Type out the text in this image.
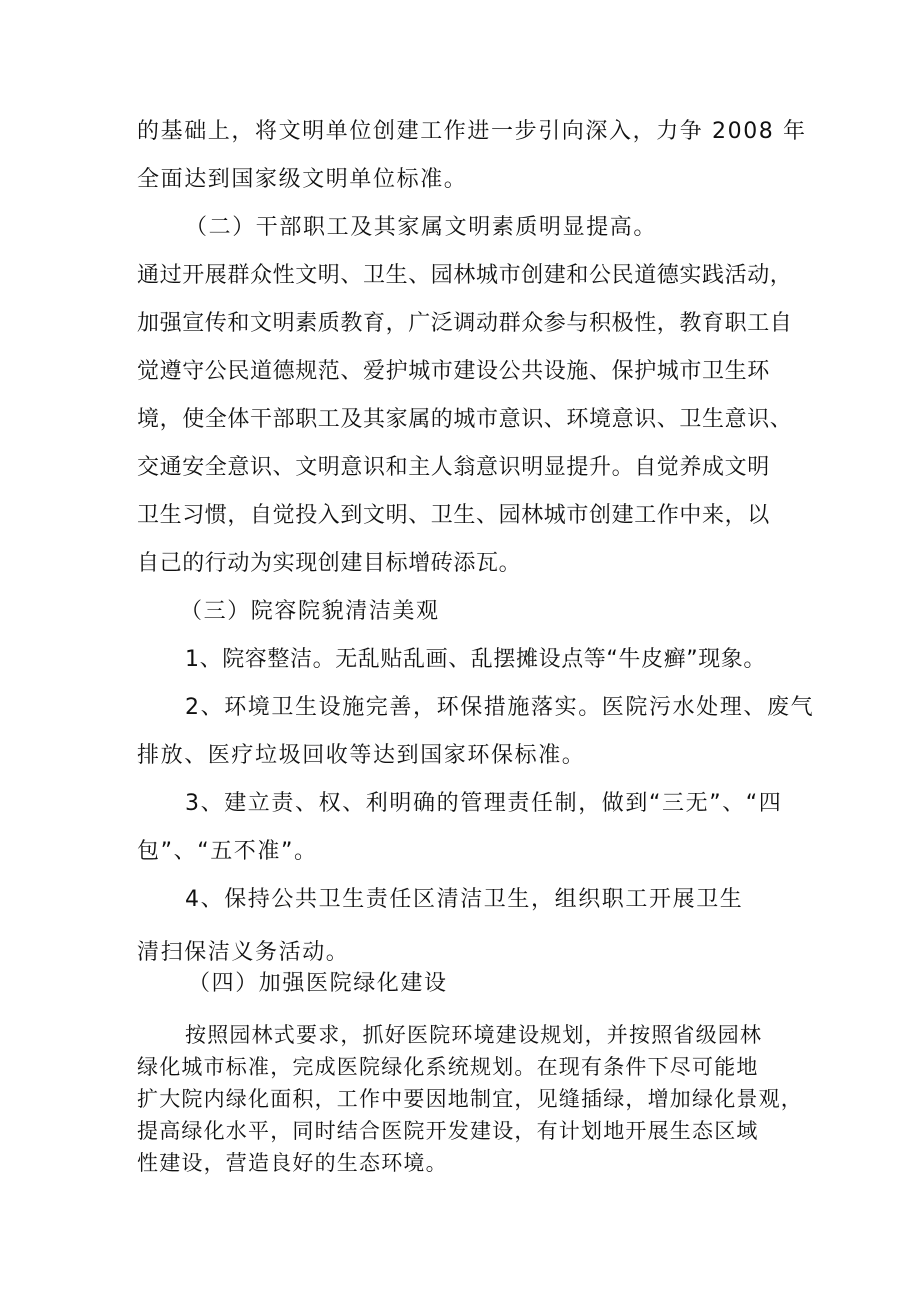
的基础上，将文明单位创建工作进一步引向深入，力争 2008 年

全面达到国家级文明单位标准。

（二）干部职工及其家属文明素质明显提高。

通过开展群众性文明、卫生、园林城市创建和公民道德实践活动，

加强宣传和文明素质教育，广泛调动群众参与积极性，教育职工自

觉遵守公民道德规范、爱护城市建设公共设施、保护城市卫生环

境，使全体干部职工及其家属的城市意识、环境意识、卫生意识、

交通安全意识、文明意识和主人翁意识明显提升。自觉养成文明

卫生习惯，自觉投入到文明、卫生、园林城市创建工作中来，以

自己的行动为实现创建目标增砖添瓦。

（三）院容院貌清洁美观

1、院容整洁。无乱贴乱画、乱摆摊设点等“牛皮癣”现象。

2、环境卫生设施完善，环保措施落实。医院污水处理、废气

排放、医疗垃圾回收等达到国家环保标准。

3、建立责、权、利明确的管理责任制，做到“三无”、“四

包”、“五不准”。

4、保持公共卫生责任区清洁卫生，组织职工开展卫生

清扫保洁义务活动。

（四）加强医院绿化建设

按照园林式要求，抓好医院环境建设规划，并按照省级园林

绿化城市标准，完成医院绿化系统规划。在现有条件下尽可能地

扩大院内绿化面积，工作中要因地制宜，见缝插绿，增加绿化景观，

提高绿化水平，同时结合医院开发建设，有计划地开展生态区域

性建设，营造良好的生态环境。
